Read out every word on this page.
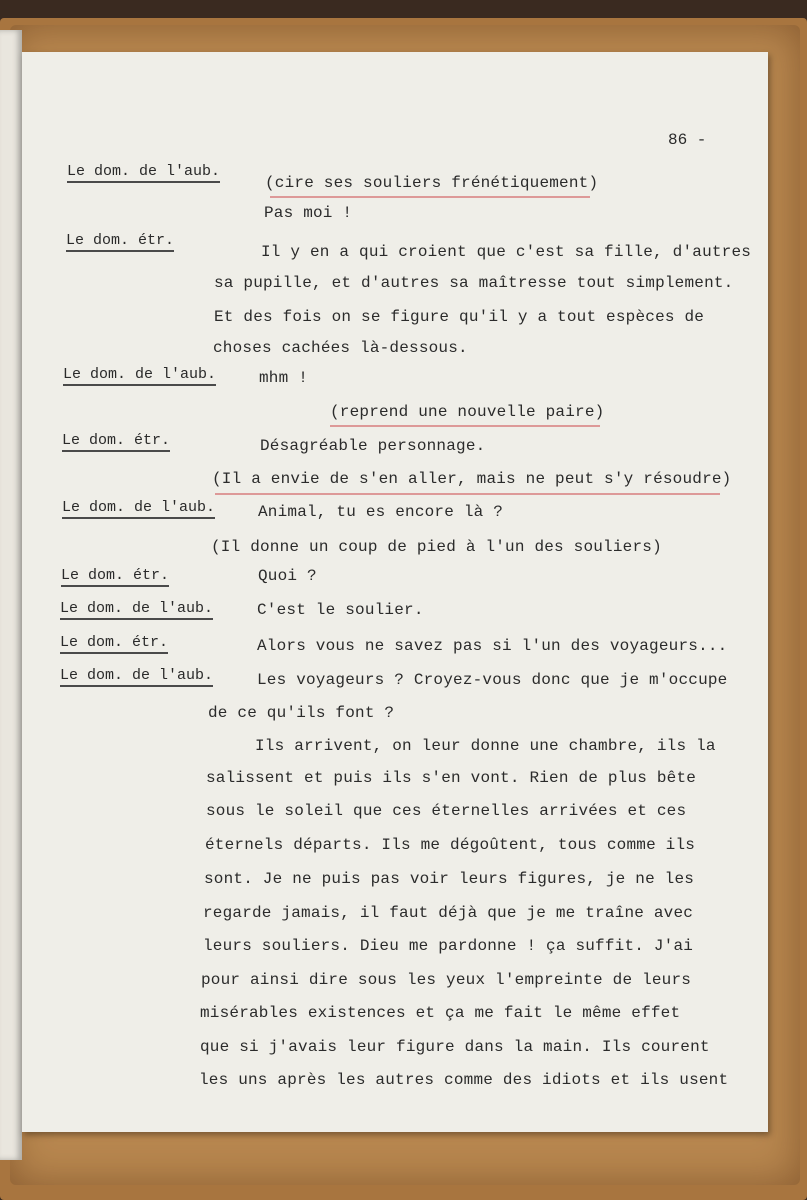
86 -
Le dom. de l'aub.
Le dom. étr.
Le dom. de l'aub.
Le dom. étr.
Le dom. de l'aub.
Le dom. étr.
Le dom. de l'aub.
Le dom. étr.
Le dom. de l'aub.
(cire ses souliers frénétiquement)
Pas moi !
Il y en a qui croient que c'est sa fille, d'autres
sa pupille, et d'autres sa maîtresse tout simplement.
Et des fois on se figure qu'il y a tout espèces de
choses cachées là-dessous.
mhm !
(reprend une nouvelle paire)
Désagréable personnage.
(Il a envie de s'en aller, mais ne peut s'y résoudre)
Animal, tu es encore là ?
(Il donne un coup de pied à l'un des souliers)
Quoi ?
C'est le soulier.
Alors vous ne savez pas si l'un des voyageurs...
Les voyageurs ? Croyez-vous donc que je m'occupe
de ce qu'ils font ?
Ils arrivent, on leur donne une chambre, ils la
salissent et puis ils s'en vont. Rien de plus bête
sous le soleil que ces éternelles arrivées et ces
éternels départs. Ils me dégoûtent, tous comme ils
sont. Je ne puis pas voir leurs figures, je ne les
regarde jamais, il faut déjà que je me traîne avec
leurs souliers. Dieu me pardonne ! ça suffit. J'ai
pour ainsi dire sous les yeux l'empreinte de leurs
misérables existences et ça me fait le même effet
que si j'avais leur figure dans la main. Ils courent
les uns après les autres comme des idiots et ils usent
